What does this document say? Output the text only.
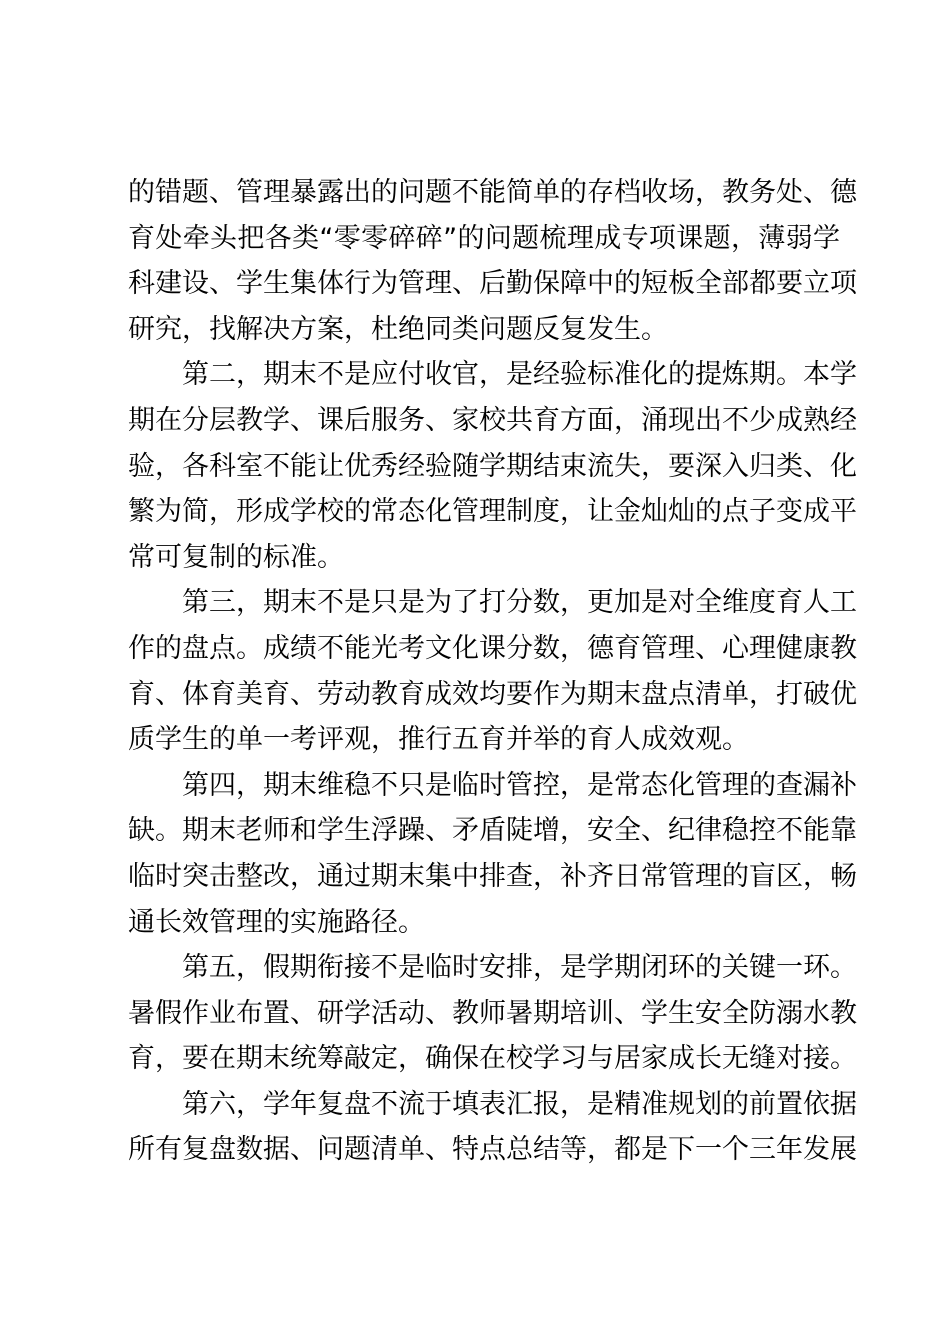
的错题、管理暴露出的问题不能简单的存档收场，教务处、德
育处牵头把各类“零零碎碎”的问题梳理成专项课题，薄弱学
科建设、学生集体行为管理、后勤保障中的短板全部都要立项
研究，找解决方案，杜绝同类问题反复发生。
第二，期末不是应付收官，是经验标准化的提炼期。本学
期在分层教学、课后服务、家校共育方面，涌现出不少成熟经
验，各科室不能让优秀经验随学期结束流失，要深入归类、化
繁为简，形成学校的常态化管理制度，让金灿灿的点子变成平
常可复制的标准。
第三，期末不是只是为了打分数，更加是对全维度育人工
作的盘点。成绩不能光考文化课分数，德育管理、心理健康教
育、体育美育、劳动教育成效均要作为期末盘点清单，打破优
质学生的单一考评观，推行五育并举的育人成效观。
第四，期末维稳不只是临时管控，是常态化管理的查漏补
缺。期末老师和学生浮躁、矛盾陡增，安全、纪律稳控不能靠
临时突击整改，通过期末集中排查，补齐日常管理的盲区，畅
通长效管理的实施路径。
第五，假期衔接不是临时安排，是学期闭环的关键一环。
暑假作业布置、研学活动、教师暑期培训、学生安全防溺水教
育，要在期末统筹敲定，确保在校学习与居家成长无缝对接。
第六，学年复盘不流于填表汇报，是精准规划的前置依据
所有复盘数据、问题清单、特点总结等，都是下一个三年发展
